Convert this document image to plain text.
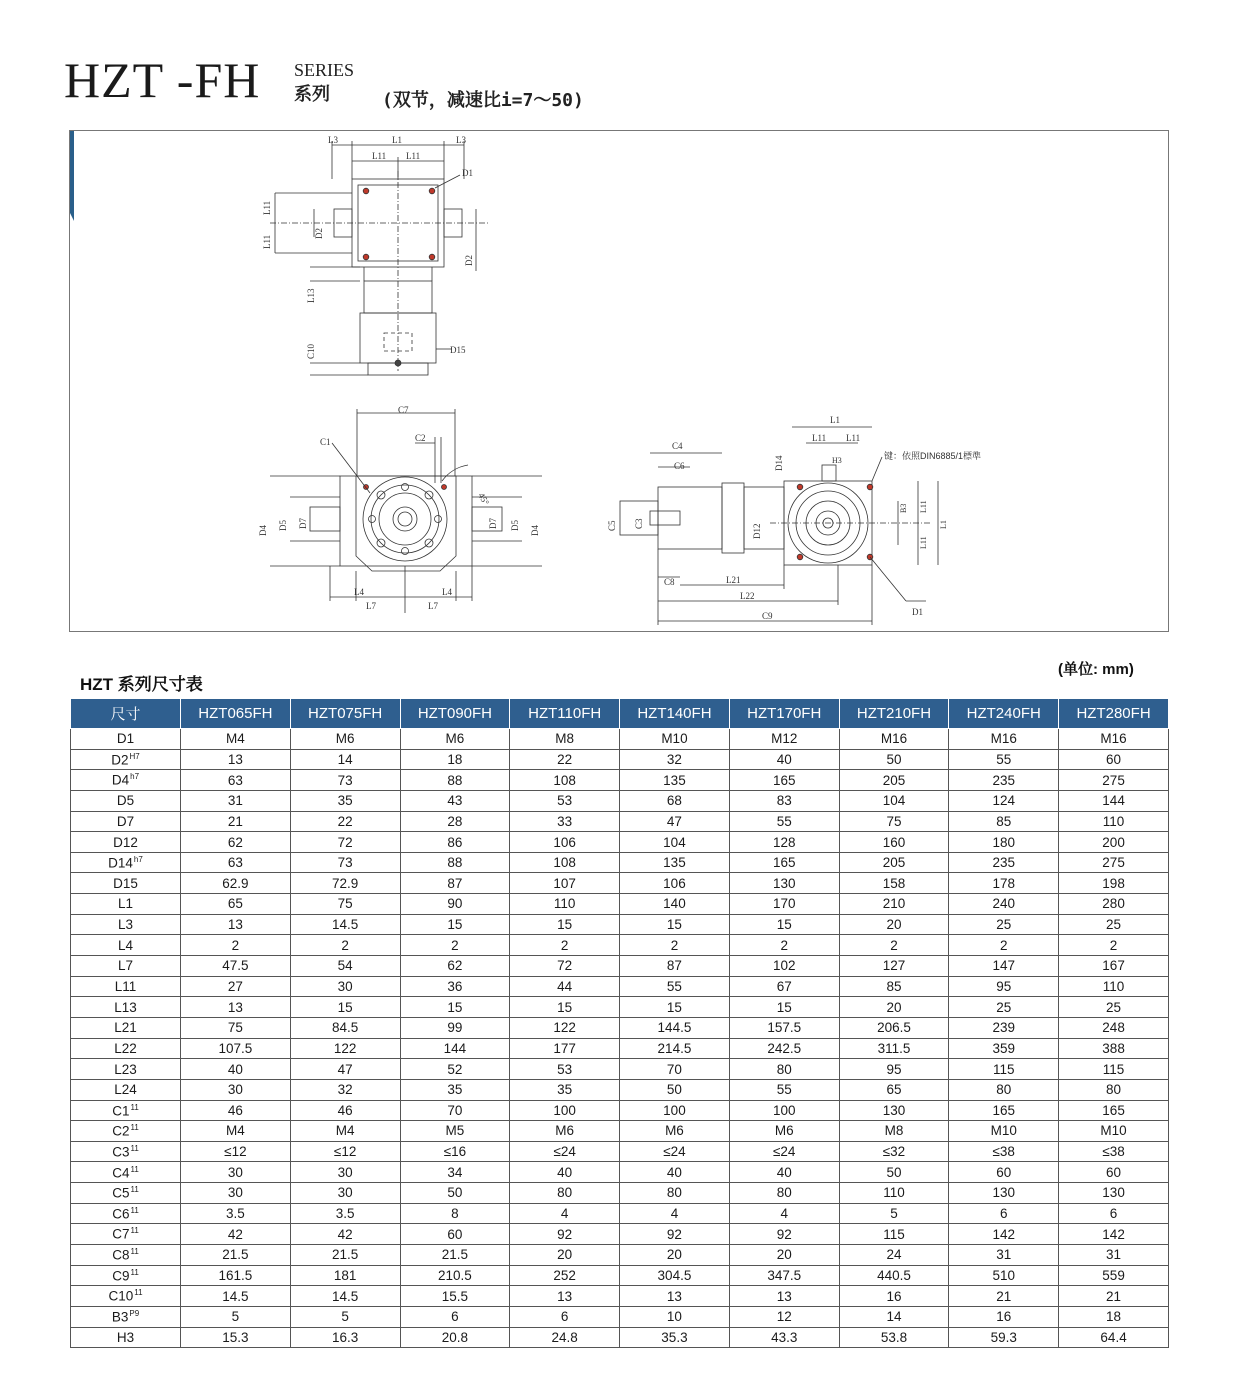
HZT -FH SERIES
系列	(双节，减速比i=7～50)
L3	L1	L3
L11 L11
D1
L11
L11
D2
D2
D15
L13
C10
C7
C1	C2
45°
D4 D5 D7	D7 D5 D4
L4	L4
L7	L7
C4
C6
C5 C3	D12
D14
L1
L11 L11
H3	键：依照DIN6885/1標準
B3 L11
L11
L1
D1
C8	L21
L22
C9
HZT 系列尺寸表
(单位: mm)
尺寸	HZT065FH	HZT075FH	HZT090FH	HZT110FH	HZT140FH	HZT170FH	HZT210FH	HZT240FH	HZT280FH
D1	M4	M6	M6	M8	M10	M12	M16	M16	M16
$D2^{H7}$	13	14	18	22	32	40	50	55	60
$D4^{h7}$	63	73	88	108	135	165	205	235	275
D5	31	35	43	53	68	83	104	124	144
D7	21	22	28	33	47	55	75	85	110
D12	62	72	86	106	104	128	160	180	200
$D14^{h7}$	63	73	88	108	135	165	205	235	275
D15	62.9	72.9	87	107	106	130	158	178	198
L1	65	75	90	110	140	170	210	240	280
L3	13	14.5	15	15	15	15	20	25	25
L4	2	2	2	2	2	2	2	2	2
L7	47.5	54	62	72	87	102	127	147	167
L11	27	30	36	44	55	67	85	95	110
L13	13	15	15	15	15	15	20	25	25
L21	75	84.5	99	122	144.5	157.5	206.5	239	248
L22	107.5	122	144	177	214.5	242.5	311.5	359	388
L23	40	47	52	53	70	80	95	115	115
L24	30	32	35	35	50	55	65	80	80
$C1^{11}$	46	46	70	100	100	100	130	165	165
$C2^{11}$	M4	M4	M5	M6	M6	M6	M8	M10	M10
$C3^{11}$	≤12	≤12	≤16	≤24	≤24	≤24	≤32	≤38	≤38
$C4^{11}$	30	30	34	40	40	40	50	60	60
$C5^{11}$	30	30	50	80	80	80	110	130	130
$C6^{11}$	3.5	3.5	8	4	4	4	5	6	6
$C7^{11}$	42	42	60	92	92	92	115	142	142
$C8^{11}$	21.5	21.5	21.5	20	20	20	24	31	31
$C9^{11}$	161.5	181	210.5	252	304.5	347.5	440.5	510	559
$C10^{11}$	14.5	14.5	15.5	13	13	13	16	21	21
$B3^{P9}$	5	5	6	6	10	12	14	16	18
H3	15.3	16.3	20.8	24.8	35.3	43.3	53.8	59.3	64.4
